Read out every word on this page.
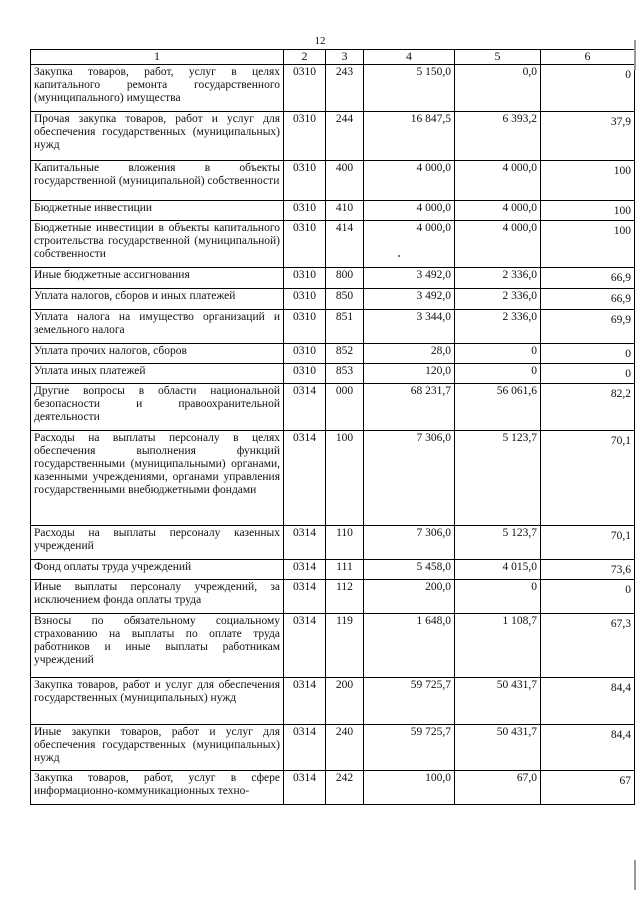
12
1	2	3	4	5	6
Закупка товаров, работ, услуг в целях капитального ремонта государственного (муниципального) имущества	0310	243	5 150,0	0,0	0
Прочая закупка товаров, работ и услуг для обеспечения государственных (муниципальных) нужд	0310	244	16 847,5	6 393,2	37,9
Капитальные вложения в объекты государственной (муниципальной) собственности	0310	400	4 000,0	4 000,0	100
Бюджетные инвестиции	0310	410	4 000,0	4 000,0	100
Бюджетные инвестиции в объекты капитального строительства государственной (муниципальной) собственности	0310	414	4 000,0	4 000,0	100
Иные бюджетные ассигнования	0310	800	3 492,0	2 336,0	66,9
Уплата налогов, сборов и иных платежей	0310	850	3 492,0	2 336,0	66,9
Уплата налога на имущество организаций и земельного налога	0310	851	3 344,0	2 336,0	69,9
Уплата прочих налогов, сборов	0310	852	28,0	0	0
Уплата иных платежей	0310	853	120,0	0	0
Другие вопросы в области национальной безопасности и правоохранительной деятельности	0314	000	68 231,7	56 061,6	82,2
Расходы на выплаты персоналу в целях обеспечения выполнения функций государственными (муниципальными) органами, казенными учреждениями, органами управления государственными внебюджетными фондами	0314	100	7 306,0	5 123,7	70,1
Расходы на выплаты персоналу казенных учреждений	0314	110	7 306,0	5 123,7	70,1
Фонд оплаты труда учреждений	0314	111	5 458,0	4 015,0	73,6
Иные выплаты персоналу учреждений, за исключением фонда оплаты труда	0314	112	200,0	0	0
Взносы по обязательному социальному страхованию на выплаты по оплате труда работников и иные выплаты работникам учреждений	0314	119	1 648,0	1 108,7	67,3
Закупка товаров, работ и услуг для обеспечения государственных (муниципальных) нужд	0314	200	59 725,7	50 431,7	84,4
Иные закупки товаров, работ и услуг для обеспечения государственных (муниципальных) нужд	0314	240	59 725,7	50 431,7	84,4
Закупка товаров, работ, услуг в сфере информационно-коммуникационных техно-	0314	242	100,0	67,0	67
